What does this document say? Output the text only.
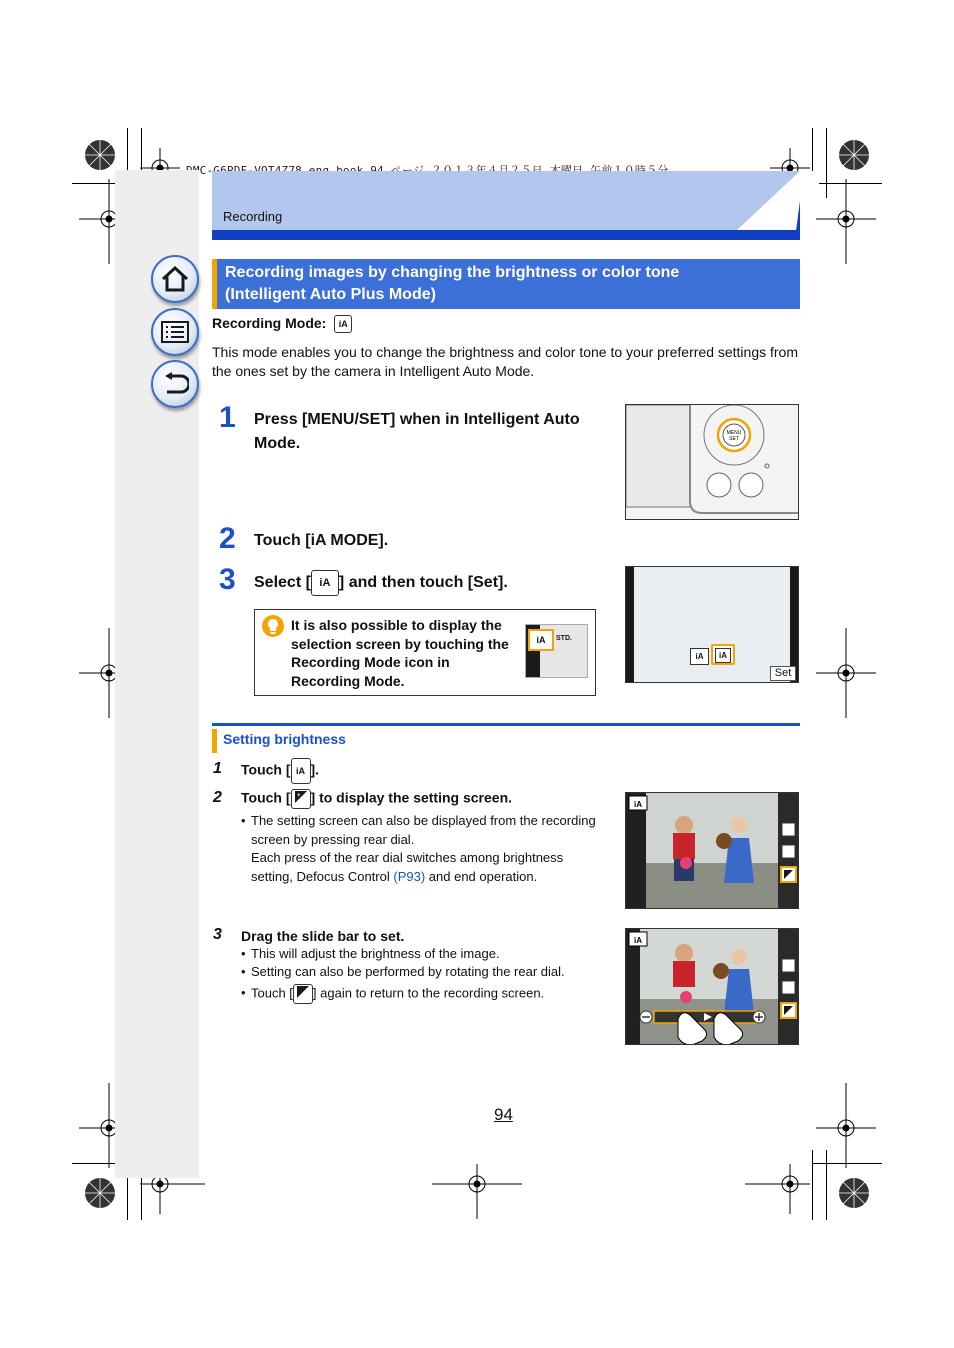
Recording
Recording images by changing the brightness or color tone
(Intelligent Auto Plus Mode)
Recording Mode: iA
This mode enables you to change the brightness and color tone to your preferred settings from the ones set by the camera in Intelligent Auto Mode.
1 Press [MENU/SET] when in Intelligent Auto Mode.
MENU
SET
2 Touch [iA MODE].
3 Select [ iA ] and then touch [Set].
It is also possible to display the selection screen by touching the Recording Mode icon in Recording Mode.
iA	STD.
iA	iA
Set
Setting brightness
1 Touch [ iA ].
2 Touch [ + ] to display the setting screen.
• The setting screen can also be displayed from the recording screen by pressing rear dial.
Each press of the rear dial switches among brightness setting, Defocus Control (P93) and end operation.
iA
3 Drag the slide bar to set.
• This will adjust the brightness of the image.
• Setting can also be performed by rotating the rear dial.
• Touch [ ] again to return to the recording screen.
iA
94
